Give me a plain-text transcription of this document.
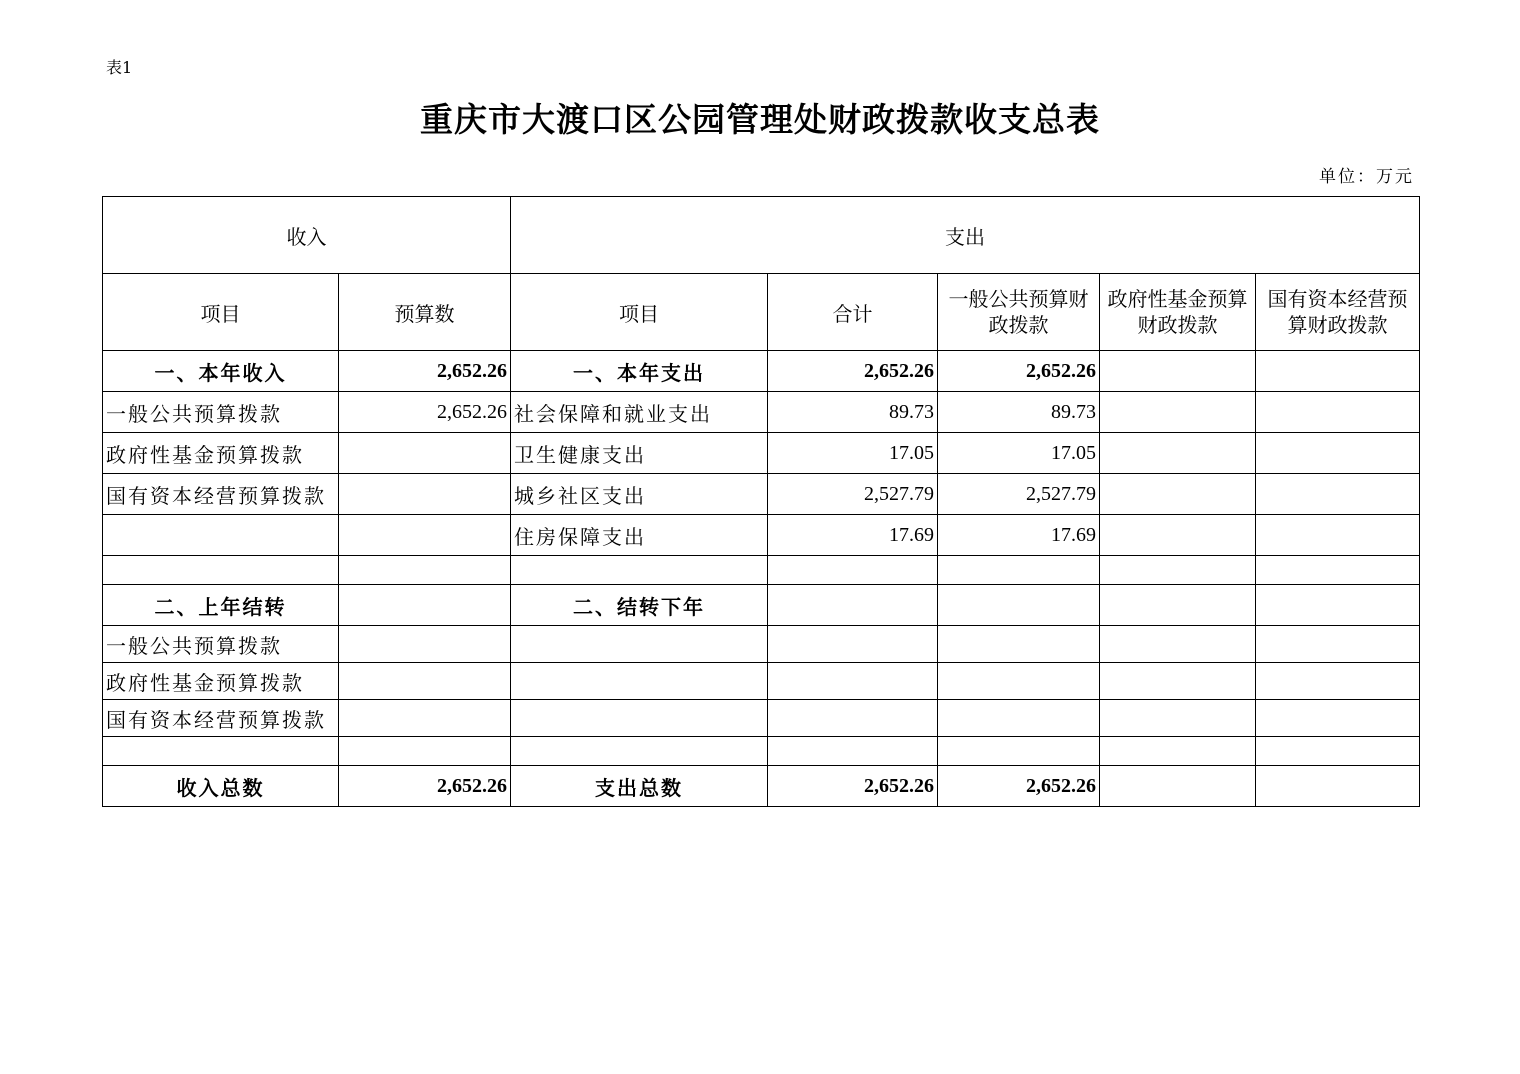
表1
重庆市大渡口区公园管理处财政拨款收支总表
单位：万元
收入		支出				
项目	预算数	项目	合计	一般公共预算财政拨款	政府性基金预算财政拨款	国有资本经营预算财政拨款
一、本年收入	2,652.26	一、本年支出	2,652.26	2,652.26		
一般公共预算拨款	2,652.26	社会保障和就业支出	89.73	89.73		
政府性基金预算拨款		卫生健康支出	17.05	17.05		
国有资本经营预算拨款		城乡社区支出	2,527.79	2,527.79		
		住房保障支出	17.69	17.69		

二、上年结转		二、结转下年				
一般公共预算拨款						
政府性基金预算拨款						
国有资本经营预算拨款						

收入总数	2,652.26	支出总数	2,652.26	2,652.26		
